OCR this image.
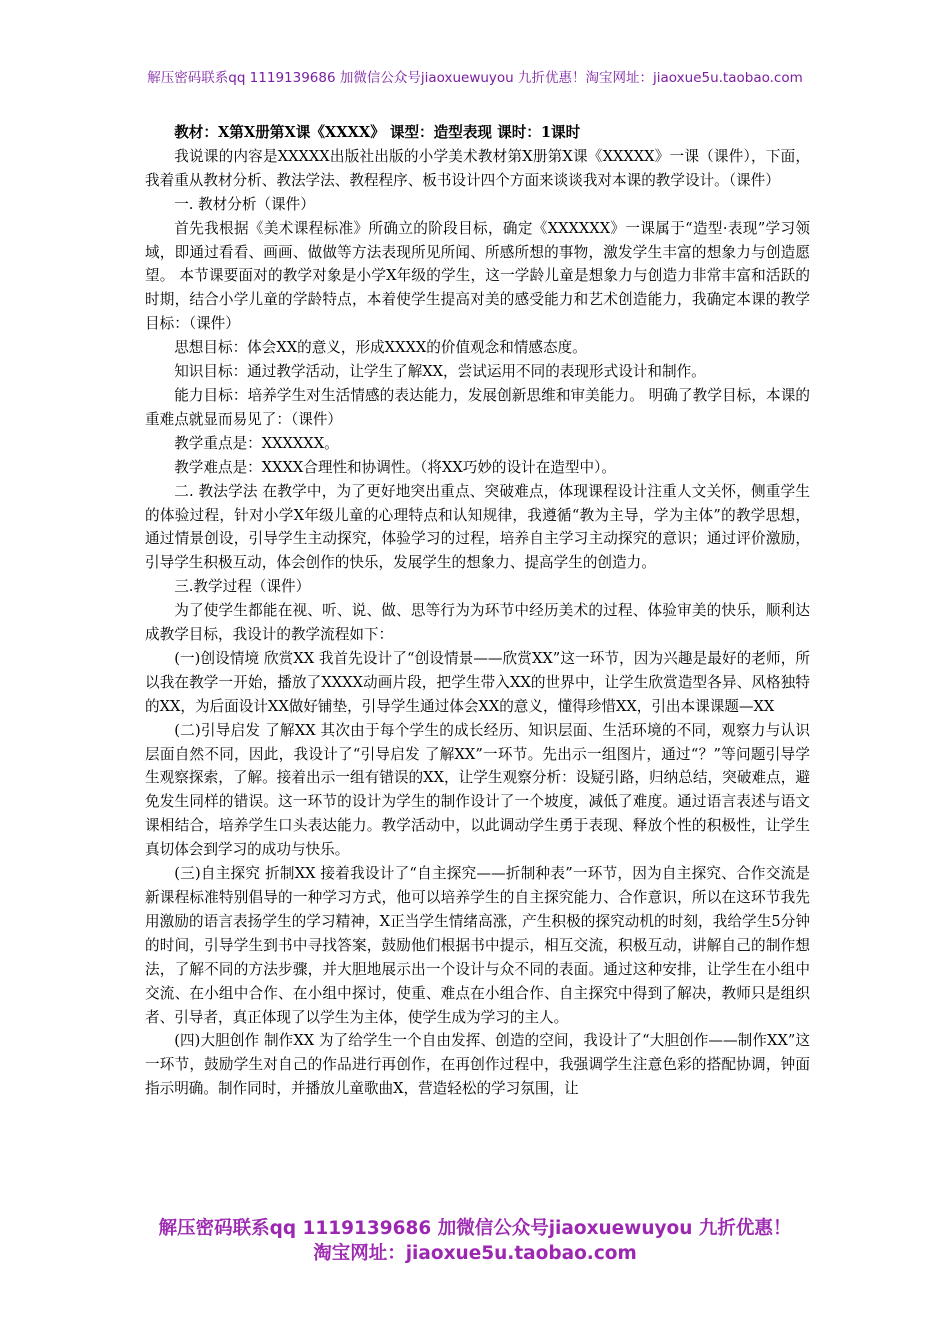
解压密码联系qq 1119139686 加微信公众号jiaoxuewuyou 九折优惠！淘宝网址：jiaoxue5u.taobao.com

教材：X第X册第X课《XXXX》 课型：造型表现 课时：1课时

我说课的内容是XXXXX出版社出版的小学美术教材第X册第X课《XXXXX》一课（课件），下面，我着重从教材分析、教法学法、教程程序、板书设计四个方面来谈谈我对本课的教学设计。（课件）

一. 教材分析（课件）

首先我根据《美术课程标准》所确立的阶段目标，确定《XXXXXX》一课属于“造型·表现”学习领域，即通过看看、画画、做做等方法表现所见所闻、所感所想的事物，激发学生丰富的想象力与创造愿望。 本节课要面对的教学对象是小学X年级的学生，这一学龄儿童是想象力与创造力非常丰富和活跃的时期，结合小学儿童的学龄特点，本着使学生提高对美的感受能力和艺术创造能力，我确定本课的教学目标：（课件）

思想目标：体会XX的意义，形成XXXX的价值观念和情感态度。

知识目标：通过教学活动，让学生了解XX，尝试运用不同的表现形式设计和制作。

能力目标：培养学生对生活情感的表达能力，发展创新思维和审美能力。 明确了教学目标，本课的重难点就显而易见了：（课件）

教学重点是：XXXXXX。

教学难点是：XXXX合理性和协调性。（将XX巧妙的设计在造型中）。

二. 教法学法 在教学中，为了更好地突出重点、突破难点，体现课程设计注重人文关怀，侧重学生的体验过程，针对小学X年级儿童的心理特点和认知规律，我遵循“教为主导，学为主体”的教学思想，通过情景创设，引导学生主动探究，体验学习的过程，培养自主学习主动探究的意识；通过评价激励，引导学生积极互动，体会创作的快乐，发展学生的想象力、提高学生的创造力。

三.教学过程（课件）

为了使学生都能在视、听、说、做、思等行为为环节中经历美术的过程、体验审美的快乐，顺利达成教学目标，我设计的教学流程如下：

(一)创设情境 欣赏XX 我首先设计了“创设情景——欣赏XX”这一环节，因为兴趣是最好的老师，所以我在教学一开始，播放了XXXX动画片段，把学生带入XX的世界中，让学生欣赏造型各异、风格独特的XX，为后面设计XX做好铺垫，引导学生通过体会XX的意义，懂得珍惜XX，引出本课课题—XX

(二)引导启发 了解XX 其次由于每个学生的成长经历、知识层面、生活环境的不同，观察力与认识层面自然不同，因此，我设计了“引导启发 了解XX”一环节。先出示一组图片，通过“？”等问题引导学生观察探索，了解。接着出示一组有错误的XX，让学生观察分析：设疑引路，归纳总结，突破难点，避免发生同样的错误。这一环节的设计为学生的制作设计了一个坡度，减低了难度。通过语言表述与语文课相结合，培养学生口头表达能力。教学活动中，以此调动学生勇于表现、释放个性的积极性，让学生真切体会到学习的成功与快乐。

(三)自主探究 折制XX 接着我设计了“自主探究——折制种表”一环节，因为自主探究、合作交流是新课程标准特别倡导的一种学习方式，他可以培养学生的自主探究能力、合作意识，所以在这环节我先用激励的语言表扬学生的学习精神，X正当学生情绪高涨，产生积极的探究动机的时刻，我给学生5分钟的时间，引导学生到书中寻找答案，鼓励他们根据书中提示，相互交流，积极互动，讲解自己的制作想法，了解不同的方法步骤，并大胆地展示出一个设计与众不同的表面。通过这种安排，让学生在小组中交流、在小组中合作、在小组中探讨，使重、难点在小组合作、自主探究中得到了解决，教师只是组织者、引导者，真正体现了以学生为主体，使学生成为学习的主人。

(四)大胆创作 制作XX 为了给学生一个自由发挥、创造的空间，我设计了“大胆创作——制作XX”这一环节，鼓励学生对自己的作品进行再创作，在再创作过程中，我强调学生注意色彩的搭配协调，钟面指示明确。制作同时，并播放儿童歌曲X，营造轻松的学习氛围，让

解压密码联系qq 1119139686 加微信公众号jiaoxuewuyou 九折优惠！
淘宝网址：jiaoxue5u.taobao.com
